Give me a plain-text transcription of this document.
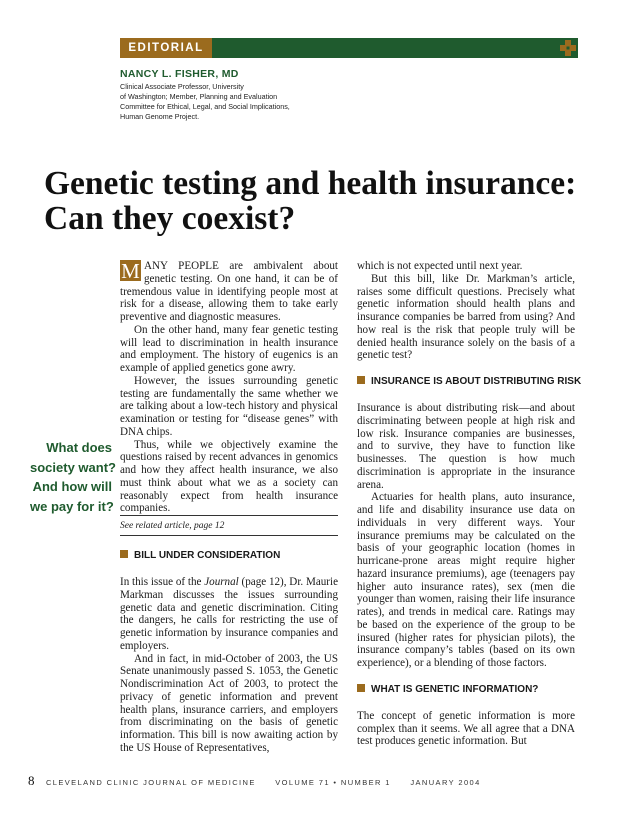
EDITORIAL
NANCY L. FISHER, MD
Clinical Associate Professor, University
of Washington; Member, Planning and Evaluation
Committee for Ethical, Legal, and Social Implications,
Human Genome Project.
Genetic testing and health insurance:
Can they coexist?
What does
society want?
And how will
we pay for it?

M ANY PEOPLE are ambivalent about genetic testing. On one hand, it can be of tremendous value in identifying people most at risk for a disease, allowing them to take early preventive and diagnostic measures.

On the other hand, many fear genetic testing will lead to discrimination in health insurance and employment. The history of eugenics is an example of applied genetics gone awry.

However, the issues surrounding genetic testing are fundamentally the same whether we are talking about a low-tech history and physical examination or testing for “disease genes” with DNA chips.

Thus, while we objectively examine the questions raised by recent advances in genomics and how they affect health insurance, we also must think about what we as a society can reasonably expect from health insurance companies.

See related article, page 12

BILL UNDER CONSIDERATION

In this issue of the Journal (page 12), Dr. Maurie Markman discusses the issues surrounding genetic data and genetic discrimination. Citing the dangers, he calls for restricting the use of genetic information by insurance companies and employers.

And in fact, in mid-October of 2003, the US Senate unanimously passed S. 1053, the Genetic Nondiscrimination Act of 2003, to protect the privacy of genetic information and prevent health plans, insurance carriers, and employers from discriminating on the basis of genetic information. This bill is now awaiting action by the US House of Representatives,

which is not expected until next year.

But this bill, like Dr. Markman’s article, raises some difficult questions. Precisely what genetic information should health plans and insurance companies be barred from using? And how real is the risk that people truly will be denied health insurance solely on the basis of a genetic test?

INSURANCE IS ABOUT DISTRIBUTING RISK

Insurance is about distributing risk—and about discriminating between people at high risk and low risk. Insurance companies are businesses, and to survive, they have to function like businesses. The question is how much discrimination is appropriate in the insurance arena.

Actuaries for health plans, auto insurance, and life and disability insurance use data on individuals in very different ways. Your insurance premiums may be calculated on the basis of your geographic location (homes in hurricane-prone areas might require higher hazard insurance premiums), age (teenagers pay higher auto insurance rates), sex (men die younger than women, raising their life insurance rates), and trends in medical care. Ratings may be based on the experience of the group to be insured (higher rates for physician pilots), the insurance company’s tables (based on its own experience), or a blending of those factors.

WHAT IS GENETIC INFORMATION?

The concept of genetic information is more complex than it seems. We all agree that a DNA test produces genetic information. But

8 CLEVELAND CLINIC JOURNAL OF MEDICINE	VOLUME 71 • NUMBER 1	JANUARY 2004
